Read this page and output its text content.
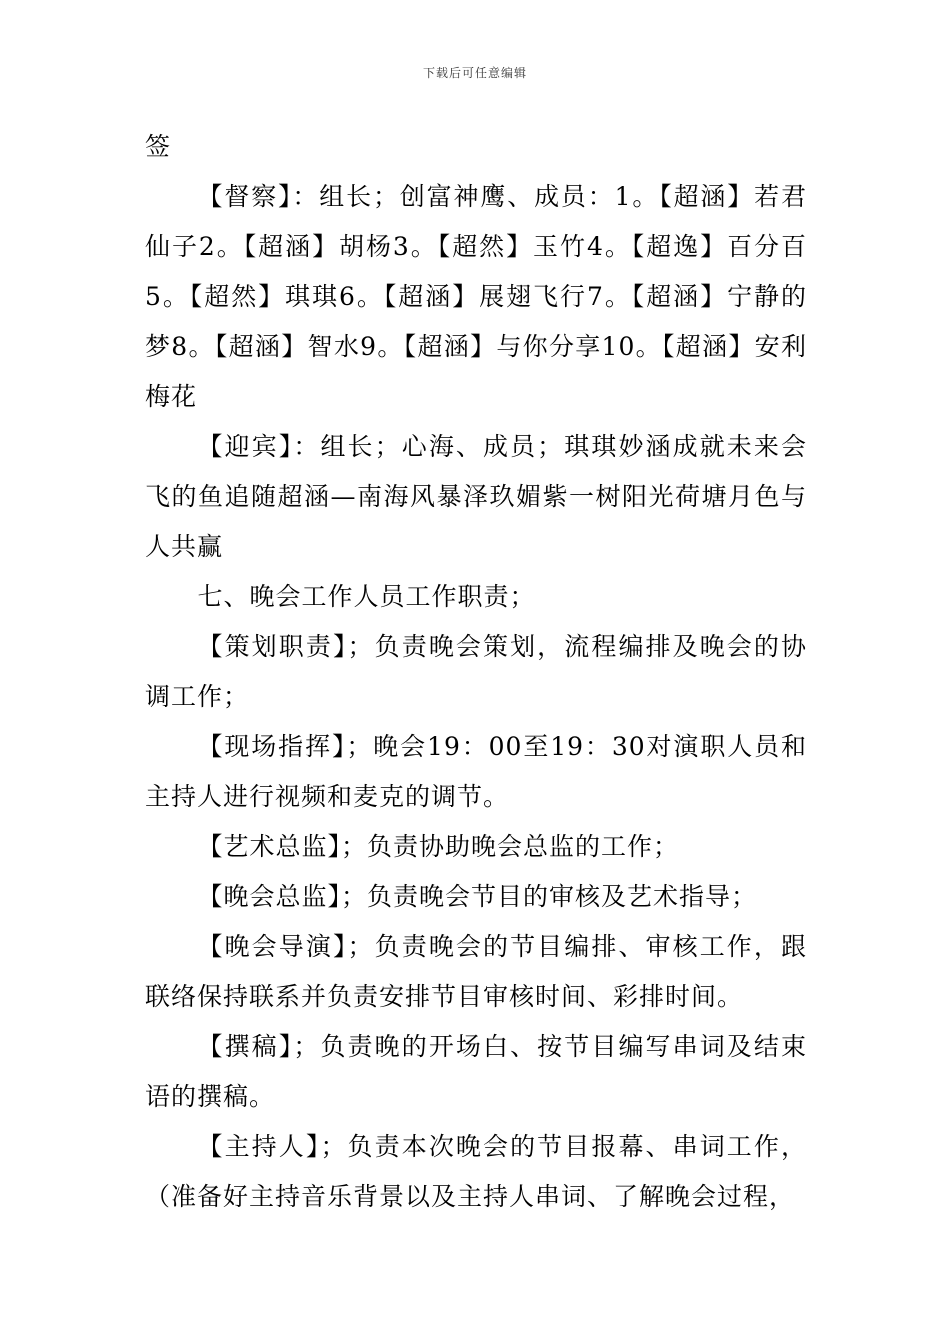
下载后可任意编辑

签

【督察】：组长；创富神鹰、成员：1。【超涵】若君仙子2。【超涵】胡杨3。【超然】玉竹4。【超逸】百分百5。【超然】琪琪6。【超涵】展翅飞行7。【超涵】宁静的梦8。【超涵】智水9。【超涵】与你分享10。【超涵】安利梅花

【迎宾】：组长；心海、成员；琪琪妙涵成就未来会飞的鱼追随超涵—南海风暴泽玖媚紫一树阳光荷塘月色与人共赢

七、晚会工作人员工作职责；

【策划职责】；负责晚会策划，流程编排及晚会的协调工作；

【现场指挥】；晚会19：00至19：30对演职人员和主持人进行视频和麦克的调节。

【艺术总监】；负责协助晚会总监的工作；

【晚会总监】；负责晚会节目的审核及艺术指导；

【晚会导演】；负责晚会的节目编排、审核工作，跟联络保持联系并负责安排节目审核时间、彩排时间。

【撰稿】；负责晚的开场白、按节目编写串词及结束语的撰稿。

【主持人】；负责本次晚会的节目报幕、串词工作，（准备好主持音乐背景以及主持人串词、了解晚会过程，
